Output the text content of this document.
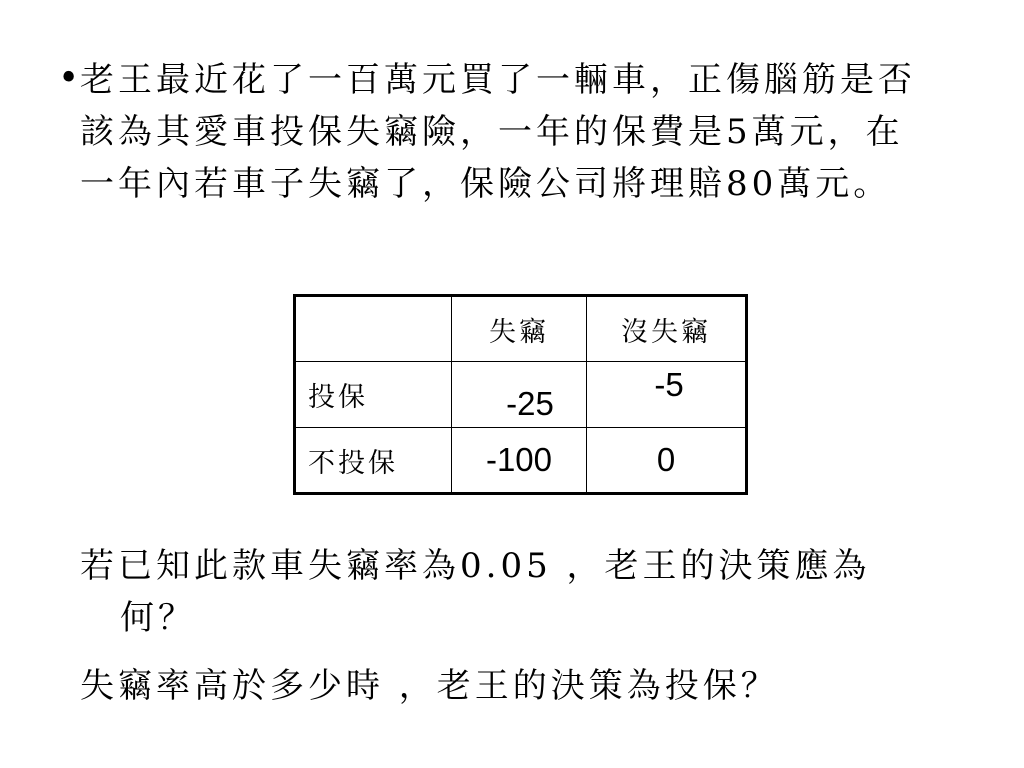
• 老王最近花了一百萬元買了一輛車，正傷腦筋是否該為其愛車投保失竊險，一年的保費是5萬元，在一年內若車子失竊了，保險公司將理賠80萬元。
	失竊	沒失竊
投保	-25	-5
不投保	-100	0
若已知此款車失竊率為0.05 ，老王的決策應為何？
失竊率高於多少時 ，老王的決策為投保？
